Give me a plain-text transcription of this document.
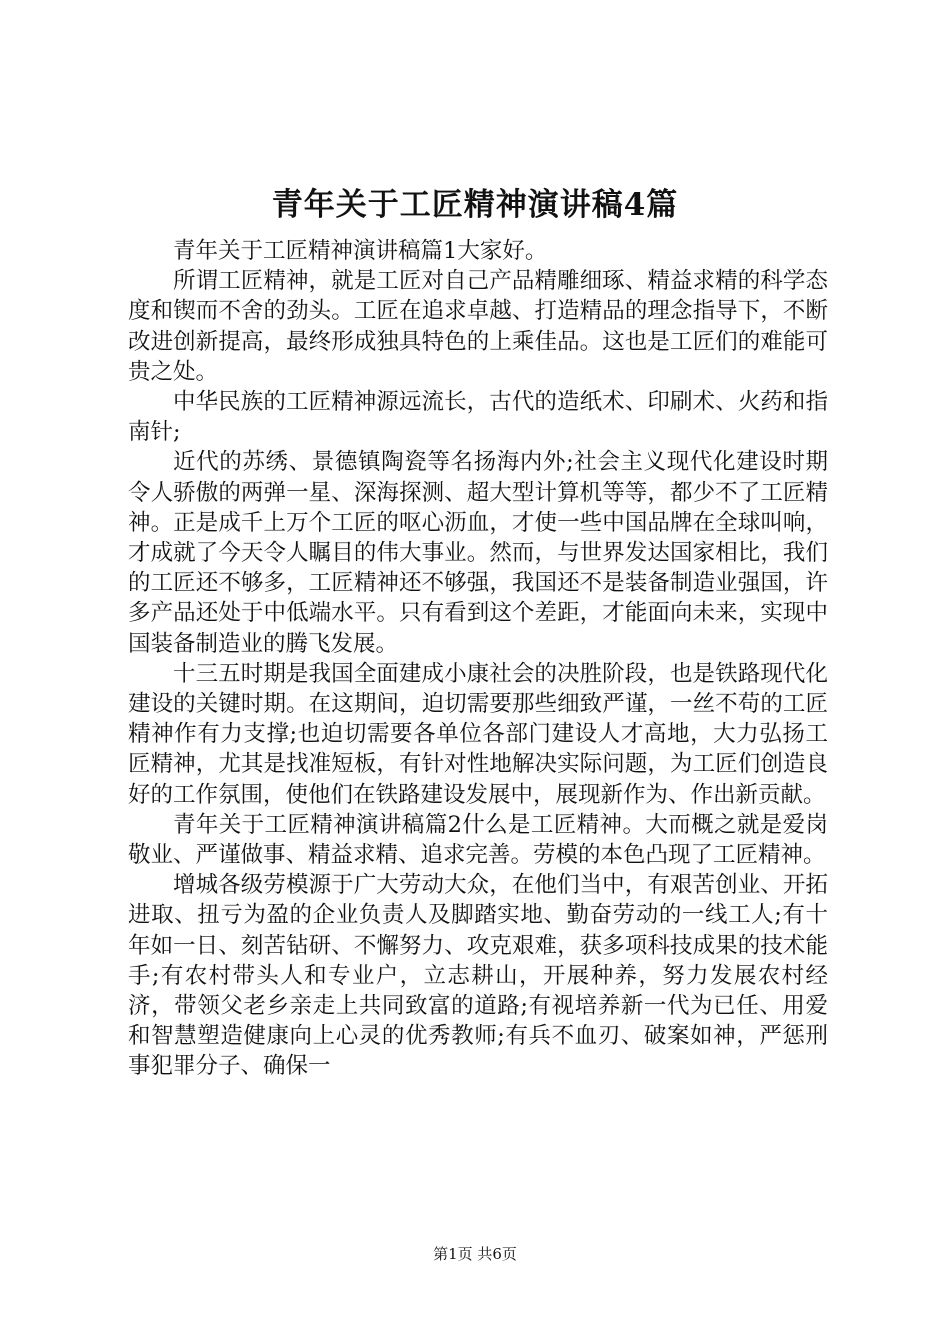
青年关于工匠精神演讲稿4篇

青年关于工匠精神演讲稿篇1大家好。

所谓工匠精神，就是工匠对自己产品精雕细琢、精益求精的科学态度和锲而不舍的劲头。工匠在追求卓越、打造精品的理念指导下，不断改进创新提高，最终形成独具特色的上乘佳品。这也是工匠们的难能可贵之处。

中华民族的工匠精神源远流长，古代的造纸术、印刷术、火药和指南针;

近代的苏绣、景德镇陶瓷等名扬海内外;社会主义现代化建设时期令人骄傲的两弹一星、深海探测、超大型计算机等等，都少不了工匠精神。正是成千上万个工匠的呕心沥血，才使一些中国品牌在全球叫响，才成就了今天令人瞩目的伟大事业。然而，与世界发达国家相比，我们的工匠还不够多，工匠精神还不够强，我国还不是装备制造业强国，许多产品还处于中低端水平。只有看到这个差距，才能面向未来，实现中国装备制造业的腾飞发展。

十三五时期是我国全面建成小康社会的决胜阶段，也是铁路现代化建设的关键时期。在这期间，迫切需要那些细致严谨，一丝不苟的工匠精神作有力支撑;也迫切需要各单位各部门建设人才高地，大力弘扬工匠精神，尤其是找准短板，有针对性地解决实际问题，为工匠们创造良好的工作氛围，使他们在铁路建设发展中，展现新作为、作出新贡献。

青年关于工匠精神演讲稿篇2什么是工匠精神。大而概之就是爱岗敬业、严谨做事、精益求精、追求完善。劳模的本色凸现了工匠精神。

增城各级劳模源于广大劳动大众，在他们当中，有艰苦创业、开拓进取、扭亏为盈的企业负责人及脚踏实地、勤奋劳动的一线工人;有十年如一日、刻苦钻研、不懈努力、攻克艰难，获多项科技成果的技术能手;有农村带头人和专业户，立志耕山，开展种养，努力发展农村经济，带领父老乡亲走上共同致富的道路;有视培养新一代为已任、用爱和智慧塑造健康向上心灵的优秀教师;有兵不血刃、破案如神，严惩刑事犯罪分子、确保一

第1页 共6页
